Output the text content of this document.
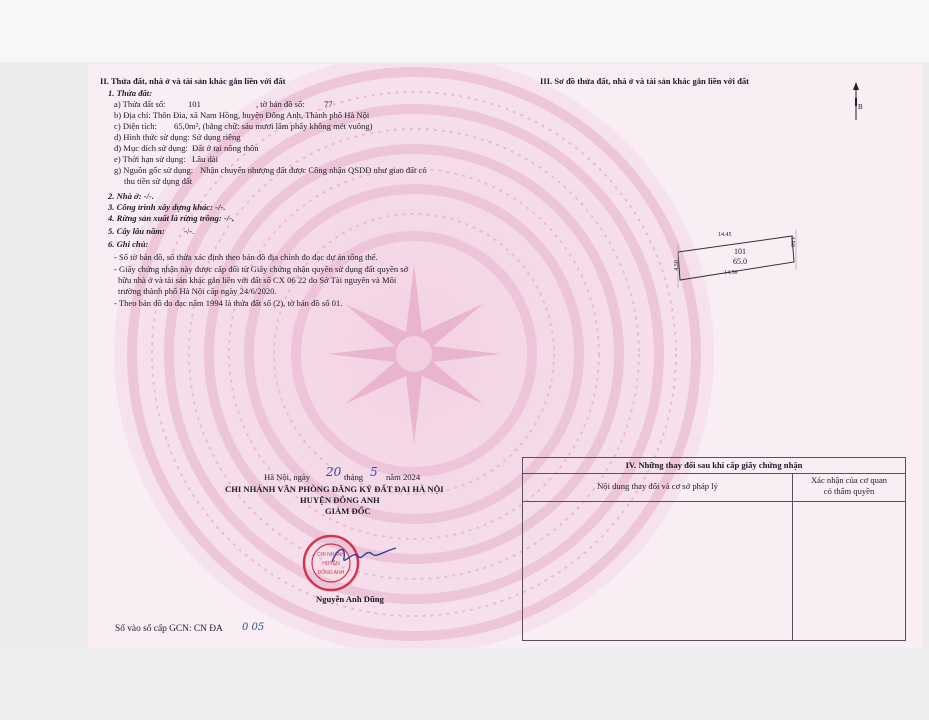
II. Thửa đất, nhà ở và tài sản khác gắn liền với đất
1. Thửa đất:
a) Thửa đất số:	101	, tờ bản đồ số: 77
b) Địa chỉ: Thôn Đìa, xã Nam Hồng, huyện Đông Anh, Thành phố Hà Nội
c) Diện tích: 65,0m², (bằng chữ: sáu mươi lăm phẩy không mét vuông)
d) Hình thức sử dụng: Sử dụng riêng
đ) Mục đích sử dụng: Đất ở tại nông thôn
e) Thời hạn sử dụng: Lâu dài
g) Nguồn gốc sử dụng: Nhận chuyển nhượng đất được Công nhận QSDĐ như giao đất có
thu tiền sử dụng đất
2. Nhà ở: -/-.
3. Công trình xây dựng khác: -/-.
4. Rừng sản xuất là rừng trồng: -/-.
5. Cây lâu năm: -/-.
6. Ghi chú:
- Số tờ bản đồ, số thửa xác định theo bản đồ địa chính đo đạc dự án tổng thể.
- Giấy chứng nhận này được cấp đổi từ Giấy chứng nhận quyền sử dụng đất quyền sở
hữu nhà ở và tài sản khác gắn liền với đất số CX 06 22 do Sở Tài nguyên và Môi
trường thành phố Hà Nội cấp ngày 24/6/2020.
- Theo bản đồ đo đạc năm 1994 là thửa đất số (2), tờ bản đồ số 01.
III. Sơ đồ thửa đất, nhà ở và tài sản khác gắn liền với đất
B
14.45
14.50
4.50
4.50
101
65.0
Hà Nội, ngày 20 tháng 5 năm 2024
CHI NHÁNH VĂN PHÒNG ĐĂNG KÝ ĐẤT ĐAI HÀ NỘI
HUYỆN ĐÔNG ANH
GIÁM ĐỐC
CHI NHÁNH
HUYỆN
ĐÔNG ANH
Nguyễn Anh Dũng
Số vào sổ cấp GCN: CN ĐA 0 05
IV. Những thay đổi sau khi cấp giấy chứng nhận
Nội dung thay đổi và cơ sở pháp lý
Xác nhận của cơ quan
có thẩm quyền
